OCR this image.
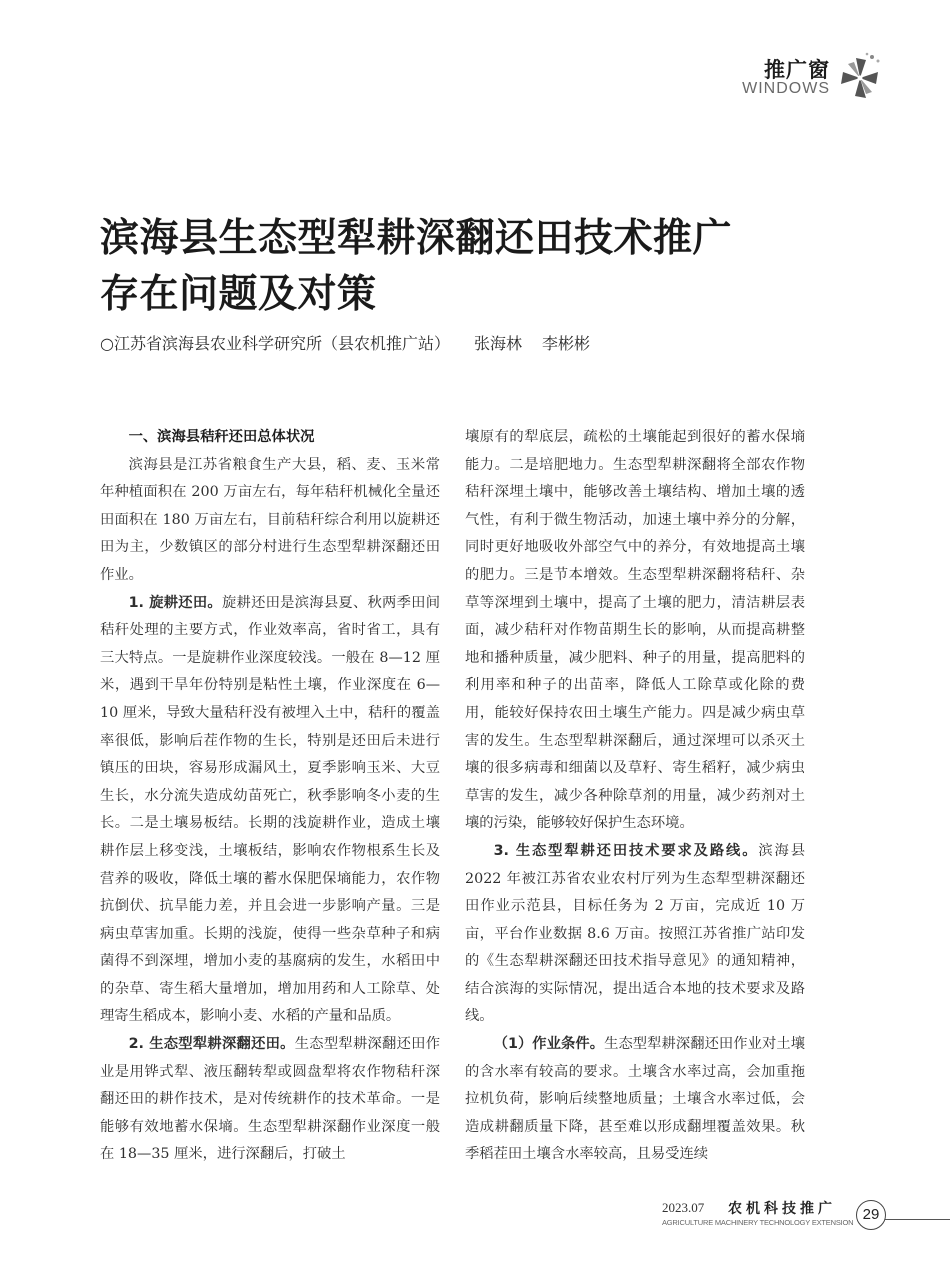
推广窗
WINDOWS
滨海县生态型犁耕深翻还田技术推广
存在问题及对策
○江苏省滨海县农业科学研究所（县农机推广站） 张海林 李彬彬
一、滨海县秸秆还田总体状况

滨海县是江苏省粮食生产大县，稻、麦、玉米常年种植面积在 200 万亩左右，每年秸秆机械化全量还田面积在 180 万亩左右，目前秸秆综合利用以旋耕还田为主，少数镇区的部分村进行生态型犁耕深翻还田作业。

1. 旋耕还田。旋耕还田是滨海县夏、秋两季田间秸秆处理的主要方式，作业效率高，省时省工，具有三大特点。一是旋耕作业深度较浅。一般在 8—12 厘米，遇到干旱年份特别是粘性土壤，作业深度在 6—10 厘米，导致大量秸秆没有被埋入土中，秸秆的覆盖率很低，影响后茬作物的生长，特别是还田后未进行镇压的田块，容易形成漏风土，夏季影响玉米、大豆生长，水分流失造成幼苗死亡，秋季影响冬小麦的生长。二是土壤易板结。长期的浅旋耕作业，造成土壤耕作层上移变浅，土壤板结，影响农作物根系生长及营养的吸收，降低土壤的蓄水保肥保墒能力，农作物抗倒伏、抗旱能力差，并且会进一步影响产量。三是病虫草害加重。长期的浅旋，使得一些杂草种子和病菌得不到深埋，增加小麦的基腐病的发生，水稻田中的杂草、寄生稻大量增加，增加用药和人工除草、处理寄生稻成本，影响小麦、水稻的产量和品质。

2. 生态型犁耕深翻还田。生态型犁耕深翻还田作业是用铧式犁、液压翻转犁或圆盘犁将农作物秸秆深翻还田的耕作技术，是对传统耕作的技术革命。一是能够有效地蓄水保墒。生态型犁耕深翻作业深度一般在 18—35 厘米，进行深翻后，打破土

壤原有的犁底层，疏松的土壤能起到很好的蓄水保墒能力。二是培肥地力。生态型犁耕深翻将全部农作物秸秆深埋土壤中，能够改善土壤结构、增加土壤的透气性，有利于微生物活动，加速土壤中养分的分解，同时更好地吸收外部空气中的养分，有效地提高土壤的肥力。三是节本增效。生态型犁耕深翻将秸秆、杂草等深埋到土壤中，提高了土壤的肥力，清洁耕层表面，减少秸秆对作物苗期生长的影响，从而提高耕整地和播种质量，减少肥料、种子的用量，提高肥料的利用率和种子的出苗率，降低人工除草或化除的费用，能较好保持农田土壤生产能力。四是减少病虫草害的发生。生态型犁耕深翻后，通过深埋可以杀灭土壤的很多病毒和细菌以及草籽、寄生稻籽，减少病虫草害的发生，减少各种除草剂的用量，减少药剂对土壤的污染，能够较好保护生态环境。

3. 生态型犁耕还田技术要求及路线。滨海县 2022 年被江苏省农业农村厅列为生态犁型耕深翻还田作业示范县，目标任务为 2 万亩，完成近 10 万亩，平台作业数据 8.6 万亩。按照江苏省推广站印发的《生态犁耕深翻还田技术指导意见》的通知精神，结合滨海的实际情况，提出适合本地的技术要求及路线。

（1）作业条件。生态型犁耕深翻还田作业对土壤的含水率有较高的要求。土壤含水率过高，会加重拖拉机负荷，影响后续整地质量；土壤含水率过低，会造成耕翻质量下降，甚至难以形成翻埋覆盖效果。秋季稻茬田土壤含水率较高，且易受连续

2023.07 农机科技推广
AGRICULTURE MACHINERY TECHNOLOGY EXTENSION 29
